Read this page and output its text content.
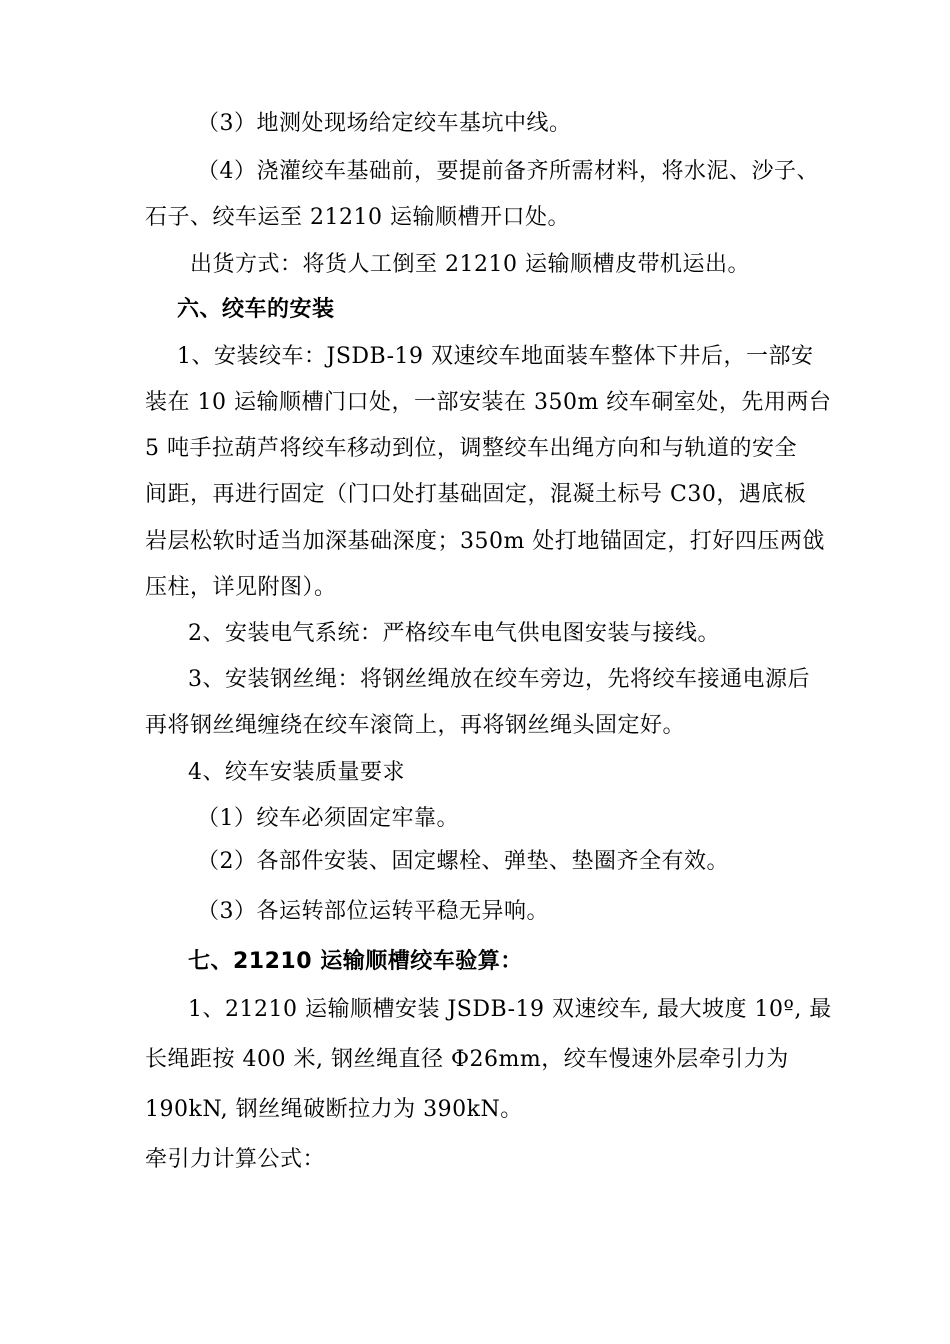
（3）地测处现场给定绞车基坑中线。
（4）浇灌绞车基础前，要提前备齐所需材料，将水泥、沙子、
石子、绞车运至 21210 运输顺槽开口处。
出货方式：将货人工倒至 21210 运输顺槽皮带机运出。
六、绞车的安装
1、安装绞车：JSDB-19 双速绞车地面装车整体下井后，一部安
装在 10 运输顺槽门口处，一部安装在 350m 绞车硐室处，先用两台
5 吨手拉葫芦将绞车移动到位，调整绞车出绳方向和与轨道的安全
间距，再进行固定（门口处打基础固定，混凝土标号 C30，遇底板
岩层松软时适当加深基础深度；350m 处打地锚固定，打好四压两戗
压柱，详见附图）。
2、安装电气系统：严格绞车电气供电图安装与接线。
3、安装钢丝绳：将钢丝绳放在绞车旁边，先将绞车接通电源后
再将钢丝绳缠绕在绞车滚筒上，再将钢丝绳头固定好。
4、绞车安装质量要求
（1）绞车必须固定牢靠。
（2）各部件安装、固定螺栓、弹垫、垫圈齐全有效。
（3）各运转部位运转平稳无异响。
七、21210 运输顺槽绞车验算：
1、21210 运输顺槽安装 JSDB-19 双速绞车, 最大坡度 10º, 最
长绳距按 400 米, 钢丝绳直径 Φ26mm，绞车慢速外层牵引力为
190kN, 钢丝绳破断拉力为 390kN。
牵引力计算公式：
